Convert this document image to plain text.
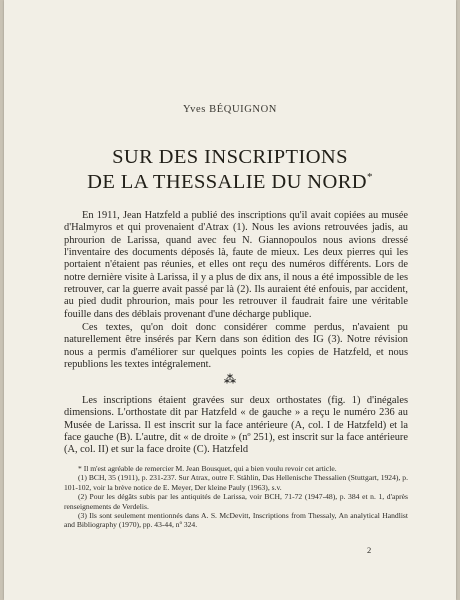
Yves BÉQUIGNON
SUR DES INSCRIPTIONS
DE LA THESSALIE DU NORD*

En 1911, Jean Hatzfeld a publié des inscriptions qu'il avait copiées au musée d'Halmyros et qui provenaient d'Atrax (1). Nous les avions retrouvées jadis, au phrourion de Larissa, quand avec feu N. Giannopoulos nous avions dressé l'inventaire des documents déposés là, faute de mieux. Les deux pierres qui les portaient n'étaient pas réunies, et elles ont reçu des numéros différents. Lors de notre dernière visite à Larissa, il y a plus de dix ans, il nous a été impossible de les retrouver, car la guerre avait passé par là (2). Ils auraient été enfouis, par accident, au pied dudit phrourion, mais pour les retrouver il faudrait faire une véritable fouille dans des déblais provenant d'une décharge publique.

Ces textes, qu'on doit donc considérer comme perdus, n'avaient pu naturellement être insérés par Kern dans son édition des IG (3). Notre révision nous a permis d'améliorer sur quelques points les copies de Hatzfeld, et nous republions les textes intégralement.

⁂

Les inscriptions étaient gravées sur deux orthostates (fig. 1) d'inégales dimensions. L'orthostate dit par Hatzfeld « de gauche » a reçu le numéro 236 au Musée de Larissa. Il est inscrit sur la face antérieure (A, col. I de Hatzfeld) et la face gauche (B). L'autre, dit « de droite » (nº 251), est inscrit sur la face antérieure (A, col. II) et sur la face droite (C). Hatzfeld

* Il m'est agréable de remercier M. Jean Bousquet, qui a bien voulu revoir cet article.

(1) BCH, 35 (1911), p. 231-237. Sur Atrax, outre F. Stählin, Das Hellenische Thessalien (Stuttgart, 1924), p. 101-102, voir la brève notice de E. Meyer, Der kleine Pauly (1963), s.v.

(2) Pour les dégâts subis par les antiquités de Larissa, voir BCH, 71-72 (1947-48), p. 384 et n. 1, d'après renseignements de Verdelis.

(3) Ils sont seulement mentionnés dans A. S. McDevitt, Inscriptions from Thessaly, An analytical Handlist and Bibliography (1970), pp. 43-44, nº 324.

2
